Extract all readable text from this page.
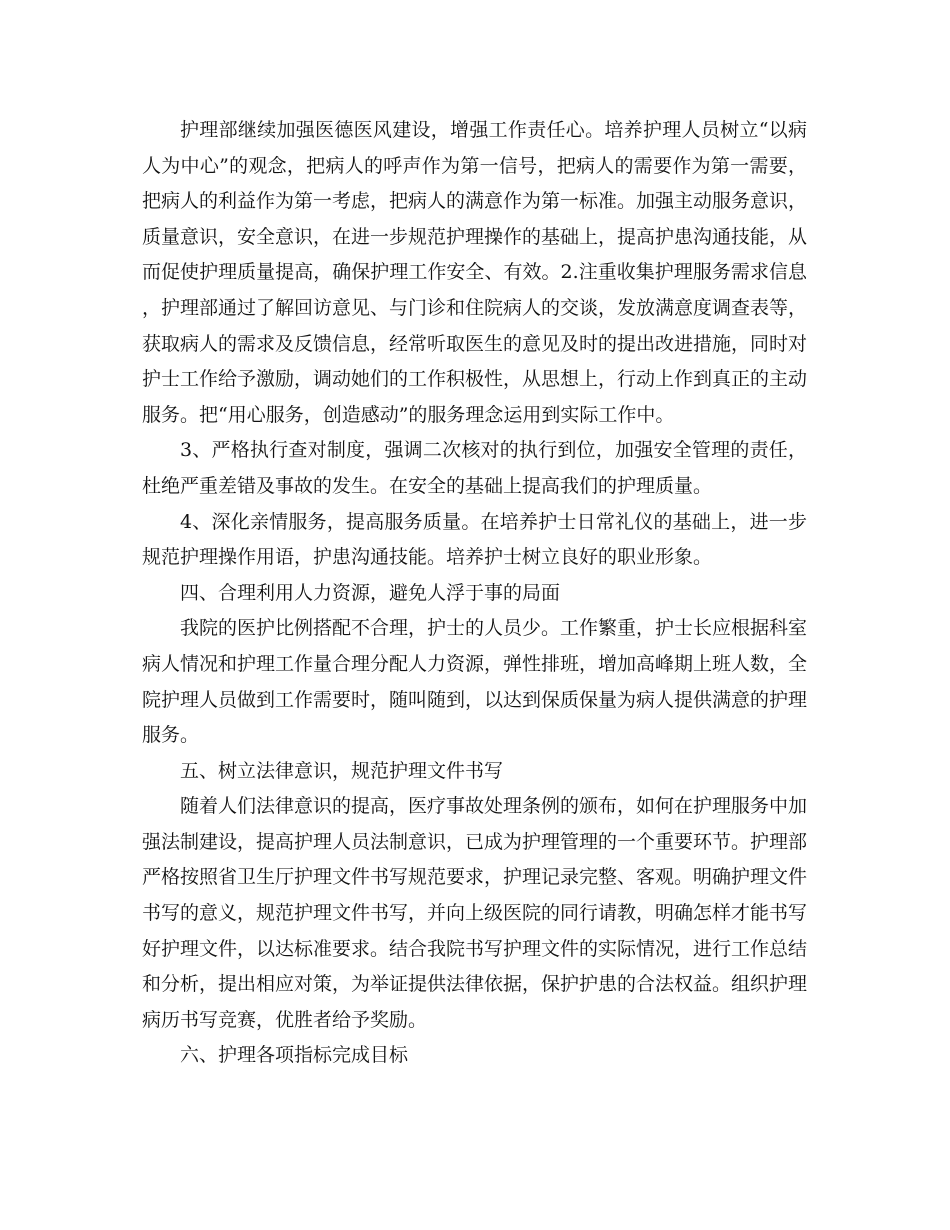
护理部继续加强医德医风建设，增强工作责任心。培养护理人员树立“以病人为中心”的观念，把病人的呼声作为第一信号，把病人的需要作为第一需要，把病人的利益作为第一考虑，把病人的满意作为第一标准。加强主动服务意识，质量意识，安全意识，在进一步规范护理操作的基础上，提高护患沟通技能，从而促使护理质量提高，确保护理工作安全、有效。2.注重收集护理服务需求信息，护理部通过了解回访意见、与门诊和住院病人的交谈，发放满意度调查表等，获取病人的需求及反馈信息，经常听取医生的意见及时的提出改进措施，同时对护士工作给予激励，调动她们的工作积极性，从思想上，行动上作到真正的主动服务。把“用心服务，创造感动”的服务理念运用到实际工作中。

3、严格执行查对制度，强调二次核对的执行到位，加强安全管理的责任，杜绝严重差错及事故的发生。在安全的基础上提高我们的护理质量。

4、深化亲情服务，提高服务质量。在培养护士日常礼仪的基础上，进一步规范护理操作用语，护患沟通技能。培养护士树立良好的职业形象。

四、合理利用人力资源，避免人浮于事的局面

我院的医护比例搭配不合理，护士的人员少。工作繁重，护士长应根据科室病人情况和护理工作量合理分配人力资源，弹性排班，增加高峰期上班人数，全院护理人员做到工作需要时，随叫随到，以达到保质保量为病人提供满意的护理服务。

五、树立法律意识，规范护理文件书写

随着人们法律意识的提高，医疗事故处理条例的颁布，如何在护理服务中加强法制建设，提高护理人员法制意识，已成为护理管理的一个重要环节。护理部严格按照省卫生厅护理文件书写规范要求，护理记录完整、客观。明确护理文件书写的意义，规范护理文件书写，并向上级医院的同行请教，明确怎样才能书写好护理文件，以达标准要求。结合我院书写护理文件的实际情况，进行工作总结和分析，提出相应对策，为举证提供法律依据，保护护患的合法权益。组织护理病历书写竞赛，优胜者给予奖励。

六、护理各项指标完成目标
